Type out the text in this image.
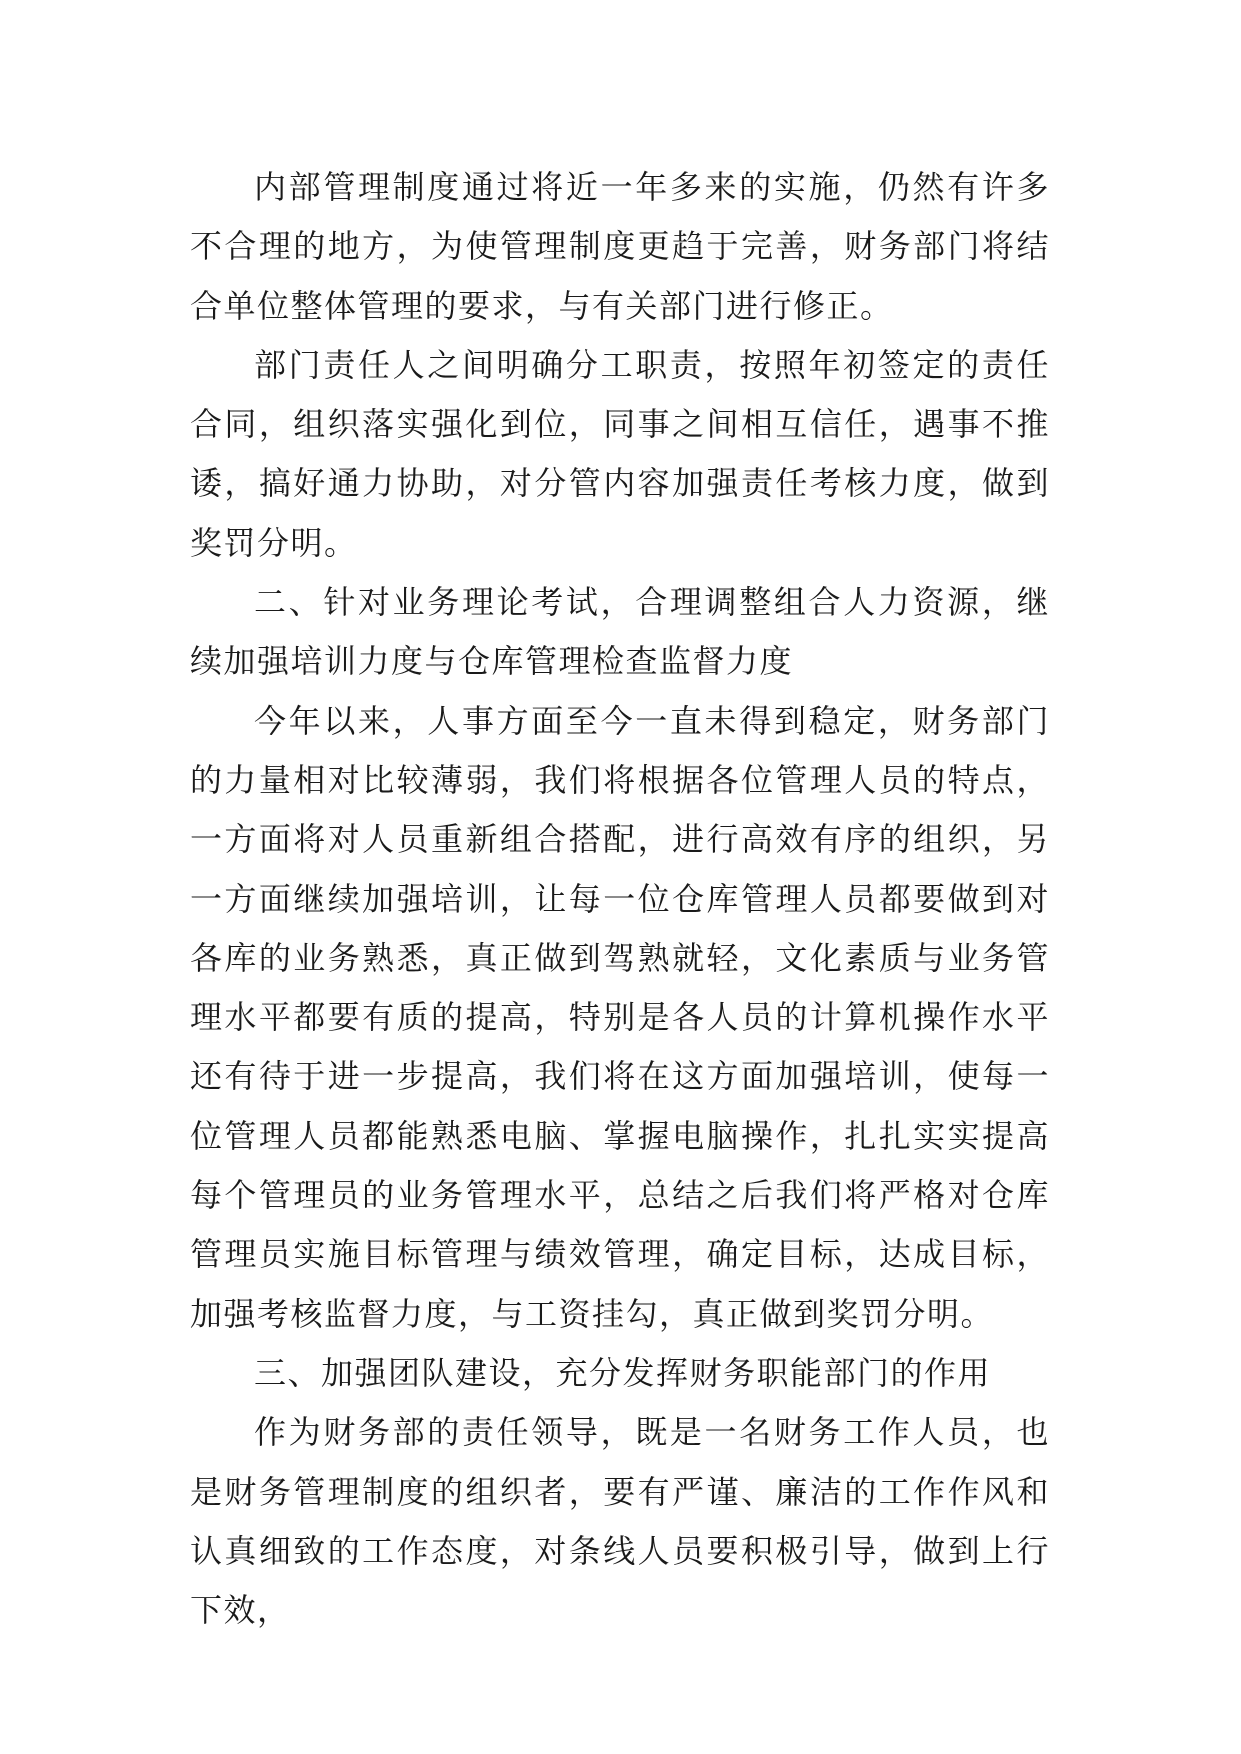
内部管理制度通过将近一年多来的实施，仍然有许多不合理的地方，为使管理制度更趋于完善，财务部门将结合单位整体管理的要求，与有关部门进行修正。

部门责任人之间明确分工职责，按照年初签定的责任合同，组织落实强化到位，同事之间相互信任，遇事不推诿，搞好通力协助，对分管内容加强责任考核力度，做到奖罚分明。

二、针对业务理论考试，合理调整组合人力资源，继续加强培训力度与仓库管理检查监督力度

今年以来，人事方面至今一直未得到稳定，财务部门的力量相对比较薄弱，我们将根据各位管理人员的特点，一方面将对人员重新组合搭配，进行高效有序的组织，另一方面继续加强培训，让每一位仓库管理人员都要做到对各库的业务熟悉，真正做到驾熟就轻，文化素质与业务管理水平都要有质的提高，特别是各人员的计算机操作水平还有待于进一步提高，我们将在这方面加强培训，使每一位管理人员都能熟悉电脑、掌握电脑操作，扎扎实实提高每个管理员的业务管理水平，总结之后我们将严格对仓库管理员实施目标管理与绩效管理，确定目标，达成目标，加强考核监督力度，与工资挂勾，真正做到奖罚分明。

三、加强团队建设，充分发挥财务职能部门的作用

作为财务部的责任领导，既是一名财务工作人员，也是财务管理制度的组织者，要有严谨、廉洁的工作作风和认真细致的工作态度，对条线人员要积极引导，做到上行下效，
